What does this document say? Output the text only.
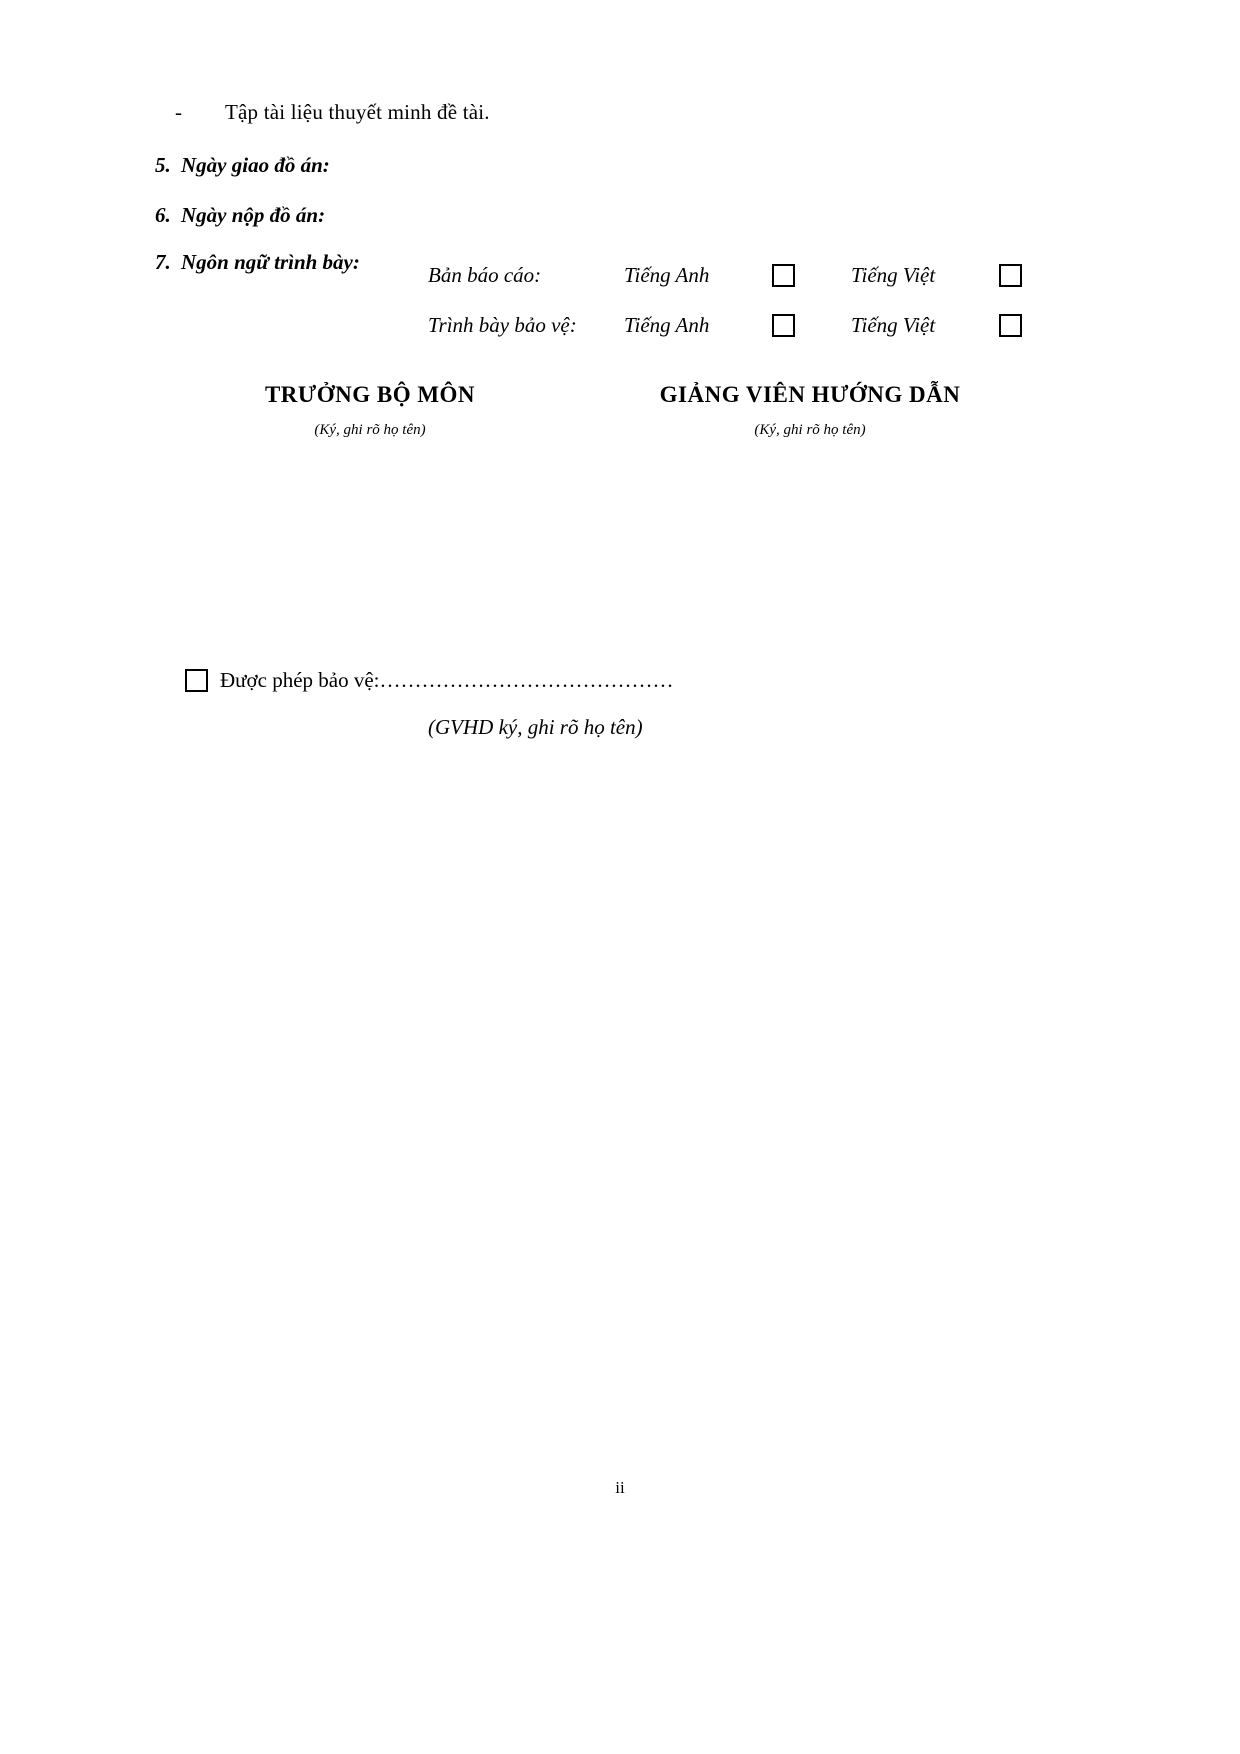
-	Tập tài liệu thuyết minh đề tài.
5. Ngày giao đồ án:
6. Ngày nộp đồ án:
7. Ngôn ngữ trình bày:
Bản báo cáo:	Tiếng Anh	Tiếng Việt
Trình bày bảo vệ:	Tiếng Anh	Tiếng Việt
TRƯỞNG BỘ MÔN
(Ký, ghi rõ họ tên)
GIẢNG VIÊN HƯỚNG DẪN
(Ký, ghi rõ họ tên)
Được phép bảo vệ:……………………………………
(GVHD ký, ghi rõ họ tên)
ii
